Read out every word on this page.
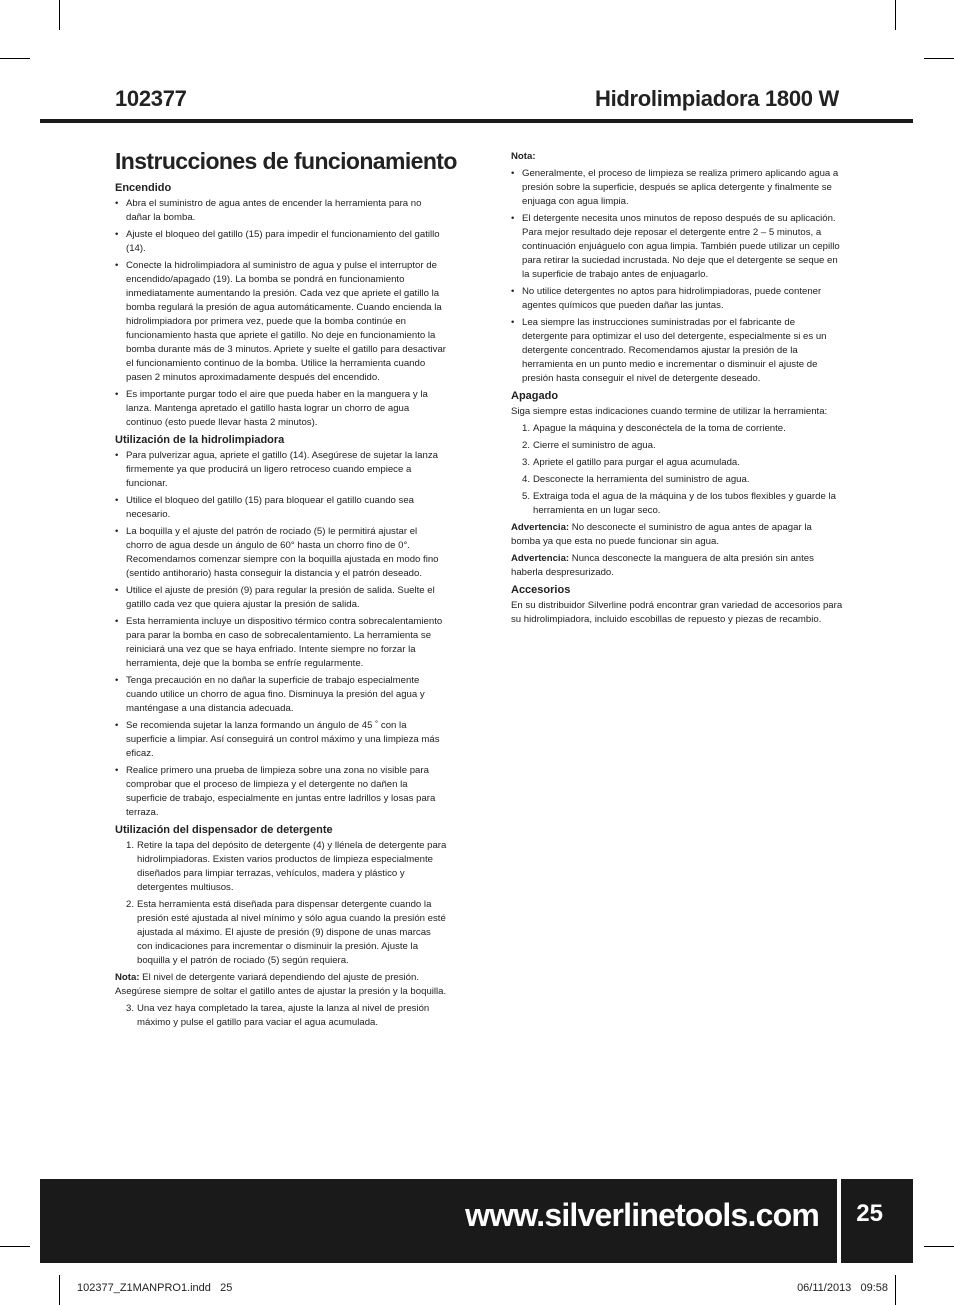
102377	Hidrolimpiadora 1800 W
Instrucciones de funcionamiento
Encendido
• Abra el suministro de agua antes de encender la herramienta para no dañar la bomba.
• Ajuste el bloqueo del gatillo (15) para impedir el funcionamiento del gatillo (14).
• Conecte la hidrolimpiadora al suministro de agua y pulse el interruptor de encendido/apagado (19). La bomba se pondrá en funcionamiento inmediatamente aumentando la presión. Cada vez que apriete el gatillo la bomba regulará la presión de agua automáticamente. Cuando encienda la hidrolimpiadora por primera vez, puede que la bomba continúe en funcionamiento hasta que apriete el gatillo. No deje en funcionamiento la bomba durante más de 3 minutos. Apriete y suelte el gatillo para desactivar el funcionamiento continuo de la bomba. Utilice la herramienta cuando pasen 2 minutos aproximadamente después del encendido.
• Es importante purgar todo el aire que pueda haber en la manguera y la lanza. Mantenga apretado el gatillo hasta lograr un chorro de agua continuo (esto puede llevar hasta 2 minutos).
Utilización de la hidrolimpiadora
• Para pulverizar agua, apriete el gatillo (14). Asegúrese de sujetar la lanza firmemente ya que producirá un ligero retroceso cuando empiece a funcionar.
• Utilice el bloqueo del gatillo (15) para bloquear el gatillo cuando sea necesario.
• La boquilla y el ajuste del patrón de rociado (5) le permitirá ajustar el chorro de agua desde un ángulo de 60° hasta un chorro fino de 0°. Recomendamos comenzar siempre con la boquilla ajustada en modo fino (sentido antihorario) hasta conseguir la distancia y el patrón deseado.
• Utilice el ajuste de presión (9) para regular la presión de salida. Suelte el gatillo cada vez que quiera ajustar la presión de salida.
• Esta herramienta incluye un dispositivo térmico contra sobrecalentamiento para parar la bomba en caso de sobrecalentamiento. La herramienta se reiniciará una vez que se haya enfriado. Intente siempre no forzar la herramienta, deje que la bomba se enfríe regularmente.
• Tenga precaución en no dañar la superficie de trabajo especialmente cuando utilice un chorro de agua fino. Disminuya la presión del agua y manténgase a una distancia adecuada.
• Se recomienda sujetar la lanza formando un ángulo de 45 ˚ con la superficie a limpiar. Así conseguirá un control máximo y una limpieza más eficaz.
• Realice primero una prueba de limpieza sobre una zona no visible para comprobar que el proceso de limpieza y el detergente no dañen la superficie de trabajo, especialmente en juntas entre ladrillos y losas para terraza.
Utilización del dispensador de detergente
1. Retire la tapa del depósito de detergente (4) y llénela de detergente para hidrolimpiadoras. Existen varios productos de limpieza especialmente diseñados para limpiar terrazas, vehículos, madera y plástico y detergentes multiusos.
2. Esta herramienta está diseñada para dispensar detergente cuando la presión esté ajustada al nivel mínimo y sólo agua cuando la presión esté ajustada al máximo. El ajuste de presión (9) dispone de unas marcas con indicaciones para incrementar o disminuir la presión. Ajuste la boquilla y el patrón de rociado (5) según requiera.

Nota: El nivel de detergente variará dependiendo del ajuste de presión. Asegúrese siempre de soltar el gatillo antes de ajustar la presión y la boquilla.

3. Una vez haya completado la tarea, ajuste la lanza al nivel de presión máximo y pulse el gatillo para vaciar el agua acumulada.
Nota:
• Generalmente, el proceso de limpieza se realiza primero aplicando agua a presión sobre la superficie, después se aplica detergente y finalmente se enjuaga con agua limpia.
• El detergente necesita unos minutos de reposo después de su aplicación. Para mejor resultado deje reposar el detergente entre 2 – 5 minutos, a continuación enjuáguelo con agua limpia. También puede utilizar un cepillo para retirar la suciedad incrustada. No deje que el detergente se seque en la superficie de trabajo antes de enjuagarlo.
• No utilice detergentes no aptos para hidrolimpiadoras, puede contener agentes químicos que pueden dañar las juntas.
• Lea siempre las instrucciones suministradas por el fabricante de detergente para optimizar el uso del detergente, especialmente si es un detergente concentrado. Recomendamos ajustar la presión de la herramienta en un punto medio e incrementar o disminuir el ajuste de presión hasta conseguir el nivel de detergente deseado.
Apagado

Siga siempre estas indicaciones cuando termine de utilizar la herramienta:

1. Apague la máquina y desconéctela de la toma de corriente.
2. Cierre el suministro de agua.
3. Apriete el gatillo para purgar el agua acumulada.
4. Desconecte la herramienta del suministro de agua.
5. Extraiga toda el agua de la máquina y de los tubos flexibles y guarde la herramienta en un lugar seco.

Advertencia: No desconecte el suministro de agua antes de apagar la bomba ya que esta no puede funcionar sin agua.

Advertencia: Nunca desconecte la manguera de alta presión sin antes haberla despresurizado.

Accesorios

En su distribuidor Silverline podrá encontrar gran variedad de accesorios para su hidrolimpiadora, incluido escobillas de repuesto y piezas de recambio.

www.silverlinetools.com 25
102377_Z1MANPRO1.indd   25	06/11/2013   09:58
